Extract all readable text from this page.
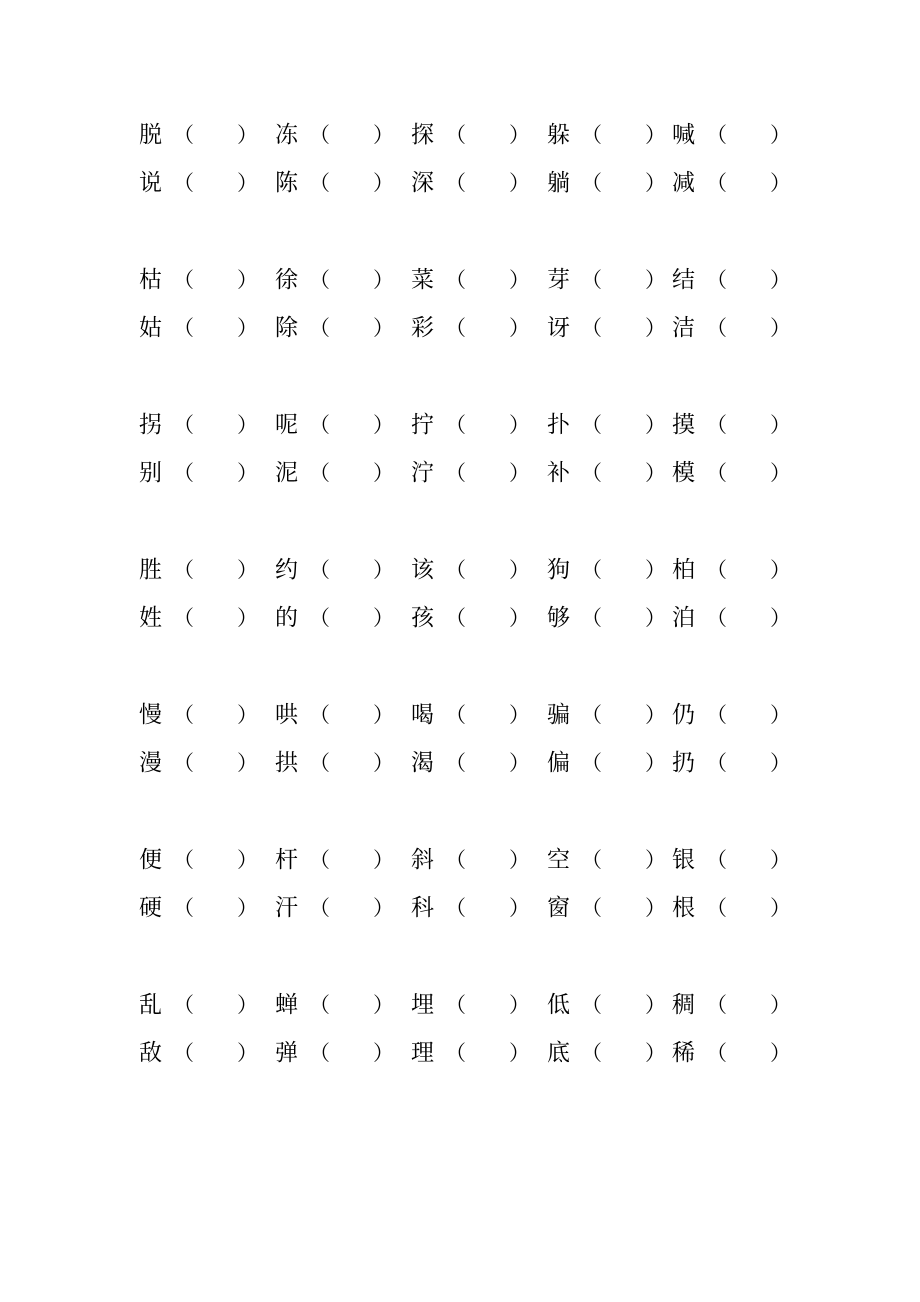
脱 （ ） 冻 （ ） 探 （ ） 躲 （ ） 喊 （ ）
说 （ ） 陈 （ ） 深 （ ） 躺 （ ） 减 （ ）
枯 （ ） 徐 （ ） 菜 （ ） 芽 （ ） 结 （ ）
姑 （ ） 除 （ ） 彩 （ ） 讶 （ ） 洁 （ ）
拐 （ ） 呢 （ ） 拧 （ ） 扑 （ ） 摸 （ ）
别 （ ） 泥 （ ） 泞 （ ） 补 （ ） 模 （ ）
胜 （ ） 约 （ ） 该 （ ） 狗 （ ） 柏 （ ）
姓 （ ） 的 （ ） 孩 （ ） 够 （ ） 泊 （ ）
慢 （ ） 哄 （ ） 喝 （ ） 骗 （ ） 仍 （ ）
漫 （ ） 拱 （ ） 渴 （ ） 偏 （ ） 扔 （ ）
便 （ ） 杆 （ ） 斜 （ ） 空 （ ） 银 （ ）
硬 （ ） 汗 （ ） 科 （ ） 窗 （ ） 根 （ ）
乱 （ ） 蝉 （ ） 埋 （ ） 低 （ ） 稠 （ ）
敌 （ ） 弹 （ ） 理 （ ） 底 （ ） 稀 （ ）
